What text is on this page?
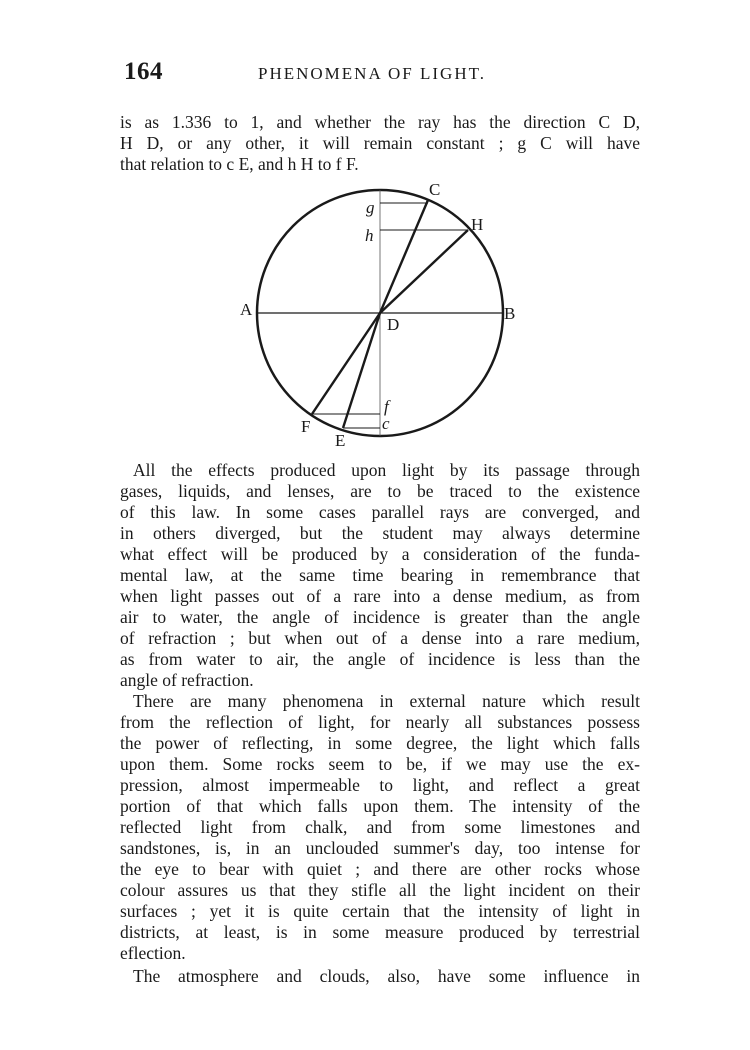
164	PHENOMENA OF LIGHT.
is as 1.336 to 1, and whether the ray has the direction C D,
H D, or any other, it will remain constant ; g C will have
that relation to c E, and h H to f F.
A	B
C
D
E
F
H
g
h
f
c
All the effects produced upon light by its passage through
gases, liquids, and lenses, are to be traced to the existence
of this law. In some cases parallel rays are converged, and
in others diverged, but the student may always determine
what effect will be produced by a consideration of the funda-
mental law, at the same time bearing in remembrance that
when light passes out of a rare into a dense medium, as from
air to water, the angle of incidence is greater than the angle
of refraction ; but when out of a dense into a rare medium,
as from water to air, the angle of incidence is less than the
angle of refraction.
There are many phenomena in external nature which result
from the reflection of light, for nearly all substances possess
the power of reflecting, in some degree, the light which falls
upon them. Some rocks seem to be, if we may use the ex-
pression, almost impermeable to light, and reflect a great
portion of that which falls upon them. The intensity of the
reflected light from chalk, and from some limestones and
sandstones, is, in an unclouded summer's day, too intense for
the eye to bear with quiet ; and there are other rocks whose
colour assures us that they stifle all the light incident on their
surfaces ; yet it is quite certain that the intensity of light in
districts, at least, is in some measure produced by terrestrial
eflection.
The atmosphere and clouds, also, have some influence in
